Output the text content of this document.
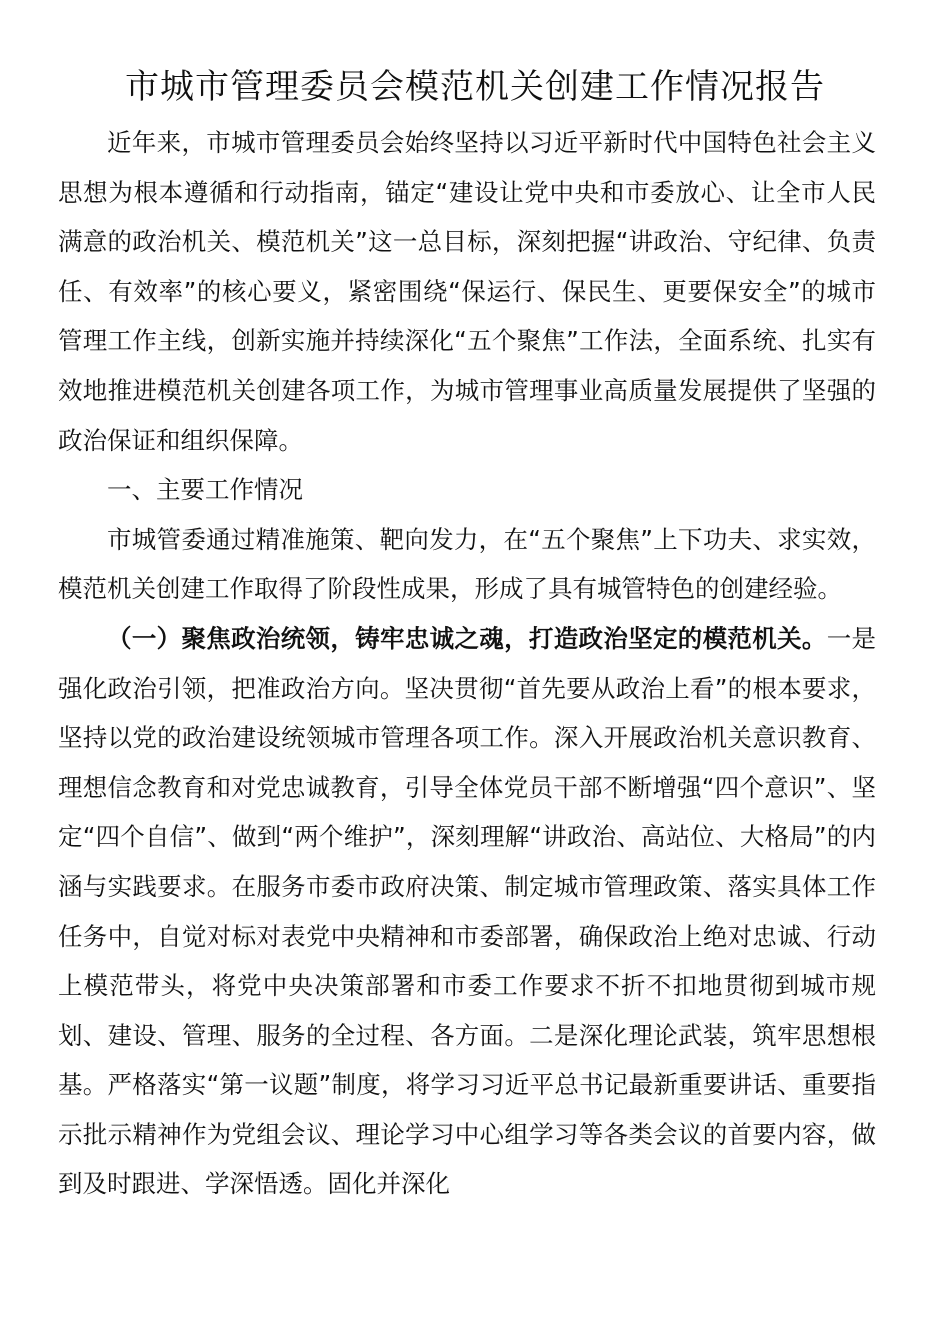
市城市管理委员会模范机关创建工作情况报告

近年来，市城市管理委员会始终坚持以习近平新时代中国特色社会主义思想为根本遵循和行动指南，锚定“建设让党中央和市委放心、让全市人民满意的政治机关、模范机关”这一总目标，深刻把握“讲政治、守纪律、负责任、有效率”的核心要义，紧密围绕“保运行、保民生、更要保安全”的城市管理工作主线，创新实施并持续深化“五个聚焦”工作法，全面系统、扎实有效地推进模范机关创建各项工作，为城市管理事业高质量发展提供了坚强的政治保证和组织保障。

一、主要工作情况

市城管委通过精准施策、靶向发力，在“五个聚焦”上下功夫、求实效，模范机关创建工作取得了阶段性成果，形成了具有城管特色的创建经验。

（一）聚焦政治统领，铸牢忠诚之魂，打造政治坚定的模范机关。一是强化政治引领，把准政治方向。坚决贯彻“首先要从政治上看”的根本要求，坚持以党的政治建设统领城市管理各项工作。深入开展政治机关意识教育、理想信念教育和对党忠诚教育，引导全体党员干部不断增强“四个意识”、坚定“四个自信”、做到“两个维护”，深刻理解“讲政治、高站位、大格局”的内涵与实践要求。在服务市委市政府决策、制定城市管理政策、落实具体工作任务中，自觉对标对表党中央精神和市委部署，确保政治上绝对忠诚、行动上模范带头，将党中央决策部署和市委工作要求不折不扣地贯彻到城市规划、建设、管理、服务的全过程、各方面。二是深化理论武装，筑牢思想根基。严格落实“第一议题”制度，将学习习近平总书记最新重要讲话、重要指示批示精神作为党组会议、理论学习中心组学习等各类会议的首要内容，做到及时跟进、学深悟透。固化并深化
